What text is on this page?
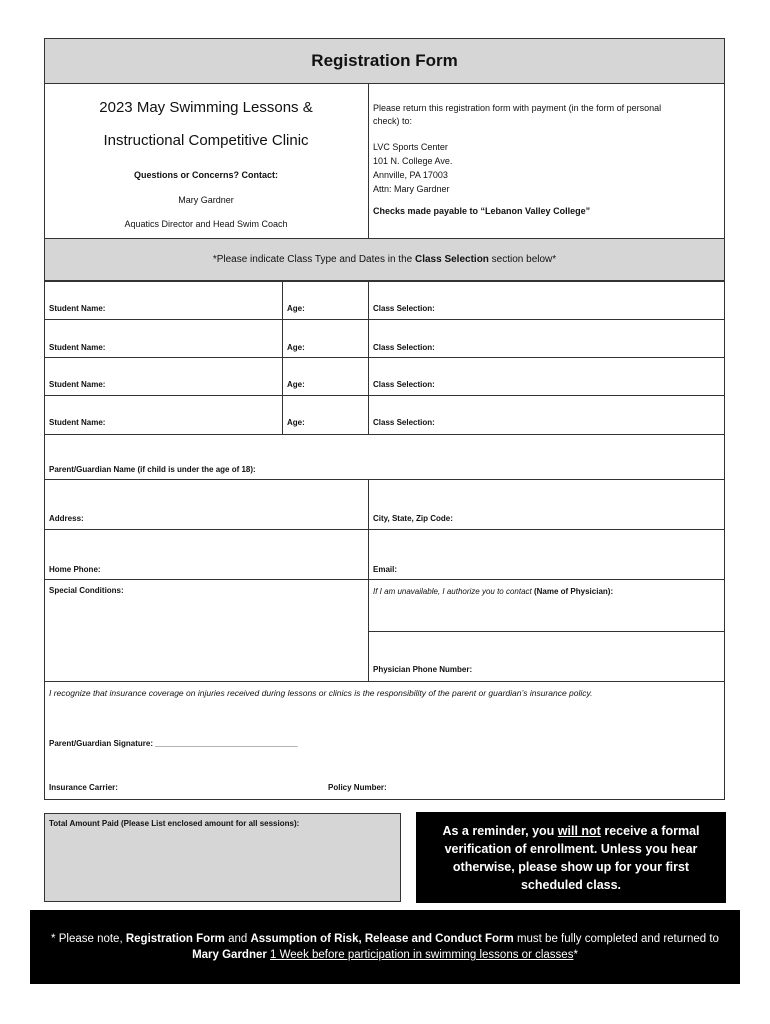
Registration Form
2023 May Swimming Lessons &
Instructional Competitive Clinic
Questions or Concerns? Contact:
Mary Gardner
Aquatics Director and Head Swim Coach
Please return this registration form with payment (in the form of personal
check) to:
LVC Sports Center
101 N. College Ave.
Annville, PA 17003
Attn: Mary Gardner
Checks made payable to “Lebanon Valley College”
*Please indicate Class Type and Dates in the Class Selection section below*
Student Name:	Age:	Class Selection:
Student Name:	Age:	Class Selection:
Student Name:	Age:	Class Selection:
Student Name:	Age:	Class Selection:
Parent/Guardian Name (if child is under the age of 18):
Address:	City, State, Zip Code:
Home Phone:	Email:
Special Conditions:	If I am unavailable, I authorize you to contact (Name of Physician):
Physician Phone Number:
I recognize that insurance coverage on injuries received during lessons or clinics is the responsibility of the parent or guardian’s insurance policy.
Parent/Guardian Signature: ________________________________
Insurance Carrier:	Policy Number:
Total Amount Paid (Please List enclosed amount for all sessions):	As a reminder, you will not receive a formal verification of enrollment. Unless you hear otherwise, please show up for your first scheduled class.
* Please note, Registration Form and Assumption of Risk, Release and Conduct Form must be fully completed and returned to Mary Gardner 1 Week before participation in swimming lessons or classes*
